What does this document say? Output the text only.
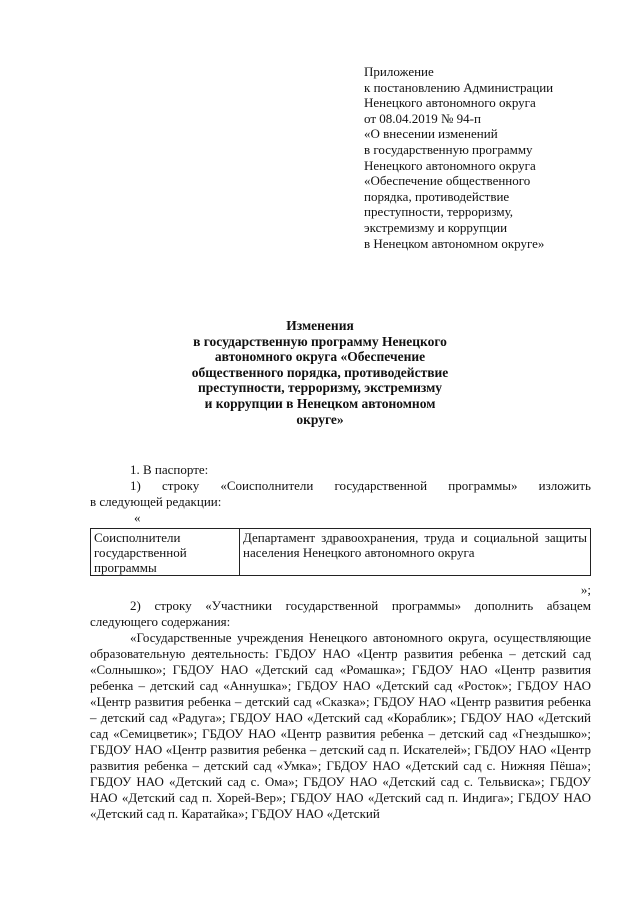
Приложение
к постановлению Администрации
Ненецкого автономного округа
от 08.04.2019 № 94-п
«О внесении изменений
в государственную программу
Ненецкого автономного округа
«Обеспечение общественного
порядка, противодействие
преступности, терроризму,
экстремизму и коррупции
в Ненецком автономном округе»
Изменения
в государственную программу Ненецкого
автономного округа «Обеспечение
общественного порядка, противодействие
преступности, терроризму, экстремизму
и коррупции в Ненецком автономном
округе»

1. В паспорте:

1) строку «Соисполнители государственной программы» изложить

в следующей редакции:

«

Соисполнители государственной программы	Департамент здравоохранения, труда и социальной защиты населения Ненецкого автономного округа

»;

2) строку «Участники государственной программы» дополнить абзацем следующего содержания:

«Государственные учреждения Ненецкого автономного округа, осуществляющие образовательную деятельность: ГБДОУ НАО «Центр развития ребенка – детский сад «Солнышко»; ГБДОУ НАО «Детский сад «Ромашка»; ГБДОУ НАО «Центр развития ребенка – детский сад «Аннушка»; ГБДОУ НАО «Детский сад «Росток»; ГБДОУ НАО «Центр развития ребенка – детский сад «Сказка»; ГБДОУ НАО «Центр развития ребенка – детский сад «Радуга»; ГБДОУ НАО «Детский сад «Кораблик»; ГБДОУ НАО «Детский сад «Семицветик»; ГБДОУ НАО «Центр развития ребенка – детский сад «Гнездышко»; ГБДОУ НАО «Центр развития ребенка – детский сад п. Искателей»; ГБДОУ НАО «Центр развития ребенка – детский сад «Умка»; ГБДОУ НАО «Детский сад с. Нижняя Пёша»; ГБДОУ НАО «Детский сад с. Ома»; ГБДОУ НАО «Детский сад с. Тельвиска»; ГБДОУ НАО «Детский сад п. Хорей-Вер»; ГБДОУ НАО «Детский сад п. Индига»; ГБДОУ НАО «Детский сад п. Каратайка»; ГБДОУ НАО «Детский
